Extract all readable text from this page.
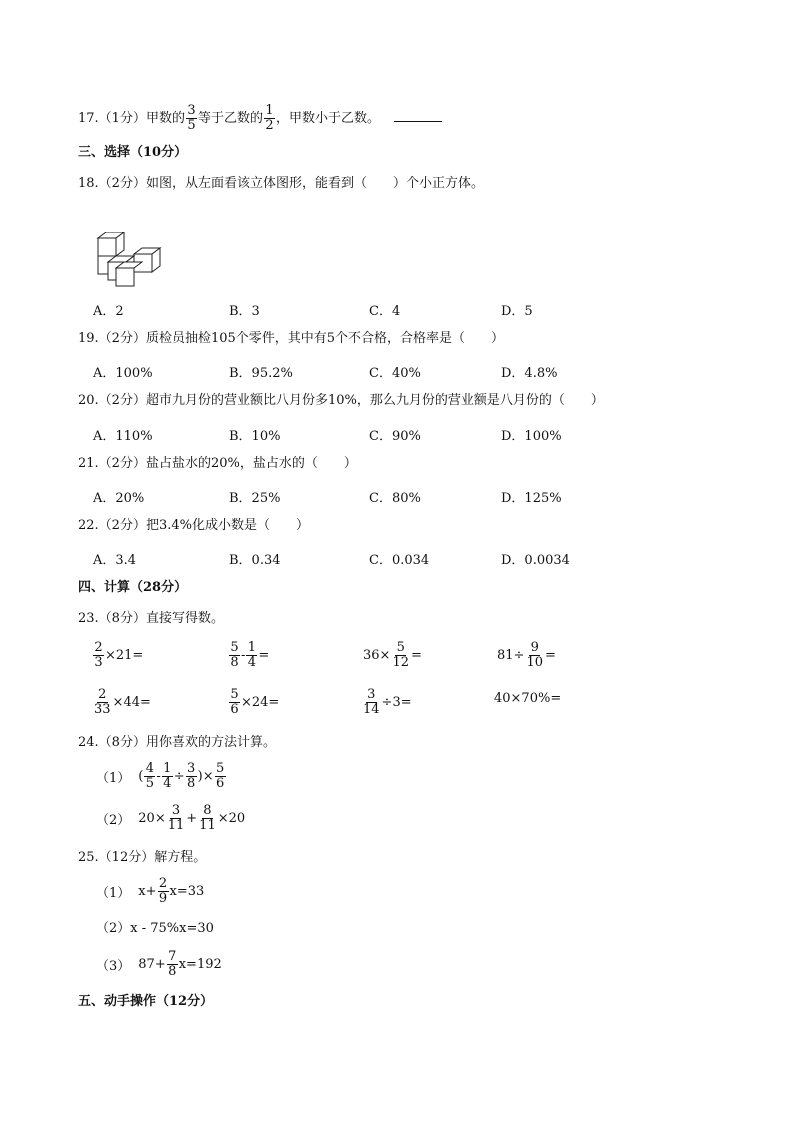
17.（1分）甲数的 $\frac{3}{5}$ 等于乙数的 $\frac{1}{2}$ ，甲数小于乙数。
三、选择（10分）
18.（2分）如图，从左面看该立体图形，能看到（　　）个小正方体。
A．2	B．3	C．4	D．5
19.（2分）质检员抽检105个零件，其中有5个不合格，合格率是（　　）
A．100%	B．95.2%	C．40%	D．4.8%
20.（2分）超市九月份的营业额比八月份多10%，那么九月份的营业额是八月份的（　　）
A．110%	B．10%	C．90%	D．100%
21.（2分）盐占盐水的20%，盐占水的（　　）
A．20%	B．25%	C．80%	D．125%
22.（2分）把3.4%化成小数是（　　）
A．3.4	B．0.34	C．0.034	D．0.0034
四、计算（28分）
23.（8分）直接写得数。
$\frac{2}{3} \times 21=$	$\frac{5}{8} - \frac{1}{4}$ =	$36\times \frac{5}{12}$ =	$81\div \frac{9}{10}$ =
$\frac{2}{33} \times 44=$	$\frac{5}{6} \times 24=$	$\frac{3}{14} \div 3=$	40×70%=
24.（8分）用你喜欢的方法计算。
（1） ( $\frac{4}{5} - \frac{1}{4} \div \frac{3}{8}$ )× $\frac{5}{6}$
（2） $20\times \frac{3}{11} + \frac{8}{11} \times 20$
25.（12分）解方程。
（1） $x+ \frac{2}{9} x=33$
（2）x - 75%x=30
（3） $87+ \frac{7}{8} x=192$
五、动手操作（12分）
